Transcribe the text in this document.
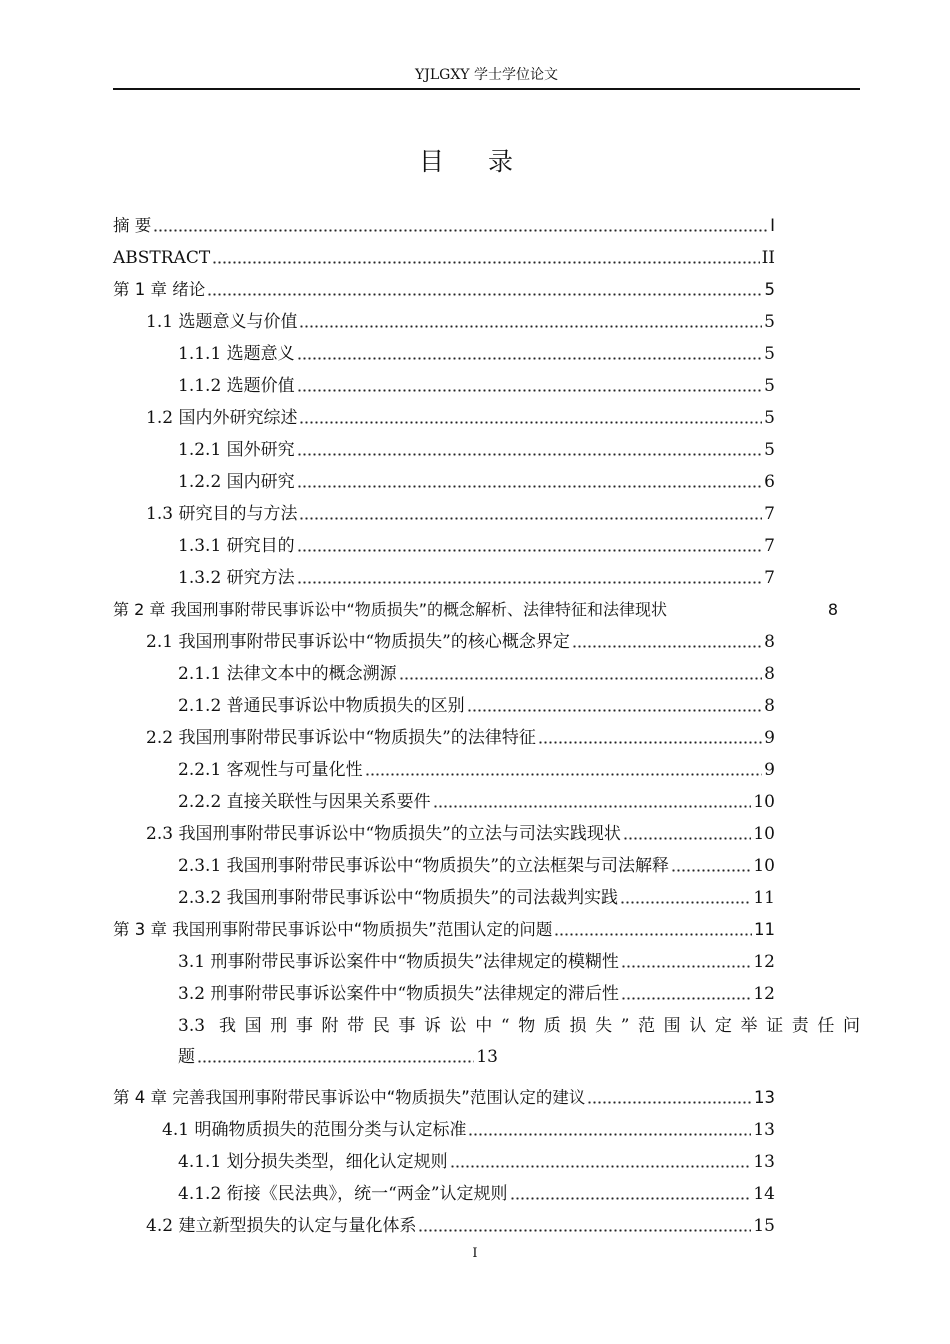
YJLGXY 学士学位论文
目 录
摘 要	I
ABSTRACT	II
第 1 章 绪论	5
1.1 选题意义与价值	5
1.1.1 选题意义	5
1.1.2 选题价值	5
1.2 国内外研究综述	5
1.2.1 国外研究	5
1.2.2 国内研究	6
1.3 研究目的与方法	7
1.3.1 研究目的	7
1.3.2 研究方法	7
第 2 章 我国刑事附带民事诉讼中“物质损失”的概念解析、法律特征和法律现状	8
2.1 我国刑事附带民事诉讼中“物质损失”的核心概念界定	8
2.1.1 法律文本中的概念溯源	8
2.1.2 普通民事诉讼中物质损失的区别	8
2.2 我国刑事附带民事诉讼中“物质损失”的法律特征	9
2.2.1 客观性与可量化性	9
2.2.2 直接关联性与因果关系要件	10
2.3 我国刑事附带民事诉讼中“物质损失”的立法与司法实践现状	10
2.3.1 我国刑事附带民事诉讼中“物质损失”的立法框架与司法解释	10
2.3.2 我国刑事附带民事诉讼中“物质损失”的司法裁判实践	11
第 3 章 我国刑事附带民事诉讼中“物质损失”范围认定的问题	11
3.1 刑事附带民事诉讼案件中“物质损失”法律规定的模糊性	12
3.2 刑事附带民事诉讼案件中“物质损失”法律规定的滞后性	12
3.3 我国刑事附带民事诉讼中“物质损失”范围认定举证责任问
题	13
第 4 章 完善我国刑事附带民事诉讼中“物质损失”范围认定的建议	13
4.1 明确物质损失的范围分类与认定标准	13
4.1.1 划分损失类型，细化认定规则	13
4.1.2 衔接《民法典》，统一“两金”认定规则	14
4.2 建立新型损失的认定与量化体系	15
I
